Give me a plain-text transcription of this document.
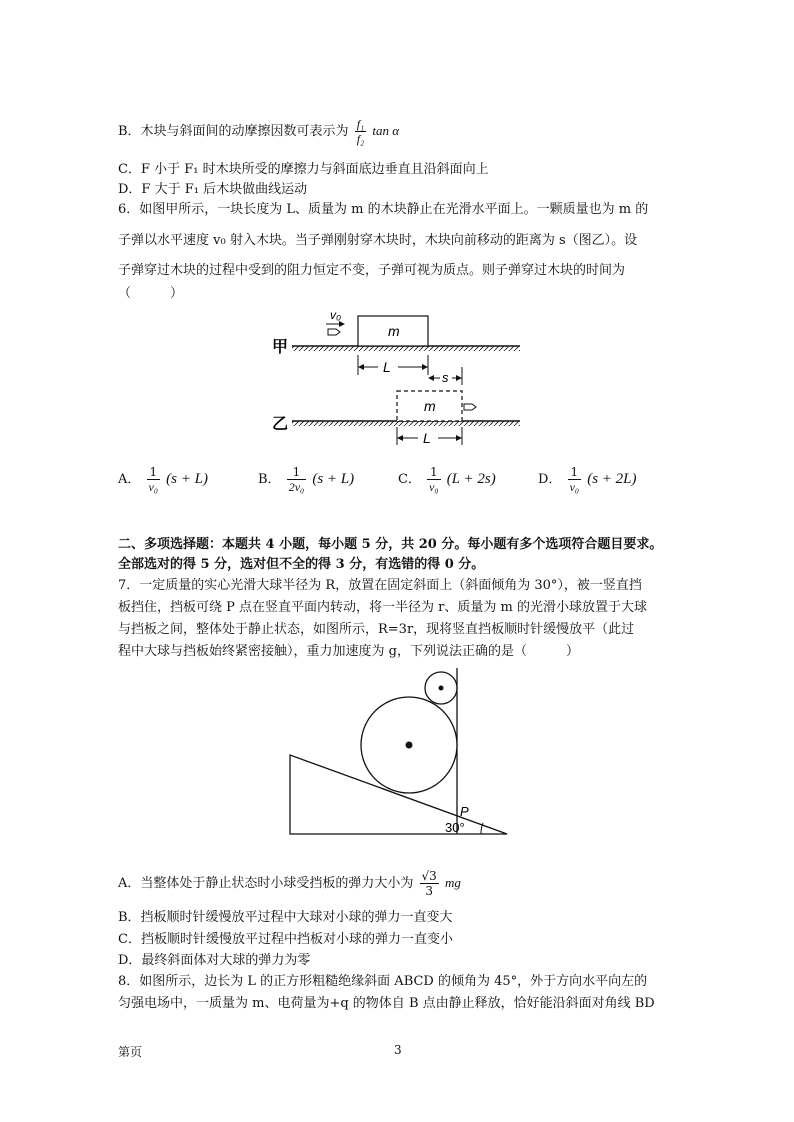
B．木块与斜面间的动摩擦因数可表示为 $\frac{\text{f₁}}{\text{f₂}}$ tan α
C．F 小于 F₁ 时木块所受的摩擦力与斜面底边垂直且沿斜面向上
D．F 大于 F₁ 后木块做曲线运动
6．如图甲所示，一块长度为 L、质量为 m 的木块静止在光滑水平面上。一颗质量也为 m 的
子弹以水平速度 v₀ 射入木块。当子弹刚射穿木块时，木块向前移动的距离为 s（图乙）。设
子弹穿过木块的过程中受到的阻力恒定不变，子弹可视为质点。则子弹穿过木块的时间为
（　　　）
甲
m
v₀
L
s
乙
m
L
A． $\frac{1}{\text{v₀}} (s + L)$	B． $\frac{1}{\text{2v₀}} (s + L)$	C． $\frac{1}{\text{v₀}} (L + 2s)$	D． $\frac{1}{\text{v₀}} (s + 2L)$
二、多项选择题：本题共 4 小题，每小题 5 分，共 20 分。每小题有多个选项符合题目要求。
全部选对的得 5 分，选对但不全的得 3 分，有选错的得 0 分。
7．一定质量的实心光滑大球半径为 R，放置在固定斜面上（斜面倾角为 30°），被一竖直挡
板挡住，挡板可绕 P 点在竖直平面内转动，将一半径为 r、质量为 m 的光滑小球放置于大球
与挡板之间，整体处于静止状态，如图所示，R=3r，现将竖直挡板顺时针缓慢放平（此过
程中大球与挡板始终紧密接触），重力加速度为 g，下列说法正确的是（　　　）
P
30°
A．当整体处于静止状态时小球受挡板的弹力大小为 $\frac{√3}{3}$ mg
B．挡板顺时针缓慢放平过程中大球对小球的弹力一直变大
C．挡板顺时针缓慢放平过程中挡板对小球的弹力一直变小
D．最终斜面体对大球的弹力为零
8．如图所示，边长为 L 的正方形粗糙绝缘斜面 ABCD 的倾角为 45°，外于方向水平向左的
匀强电场中，一质量为 m、电荷量为+q 的物体自 B 点由静止释放，恰好能沿斜面对角线 BD
第页	3
